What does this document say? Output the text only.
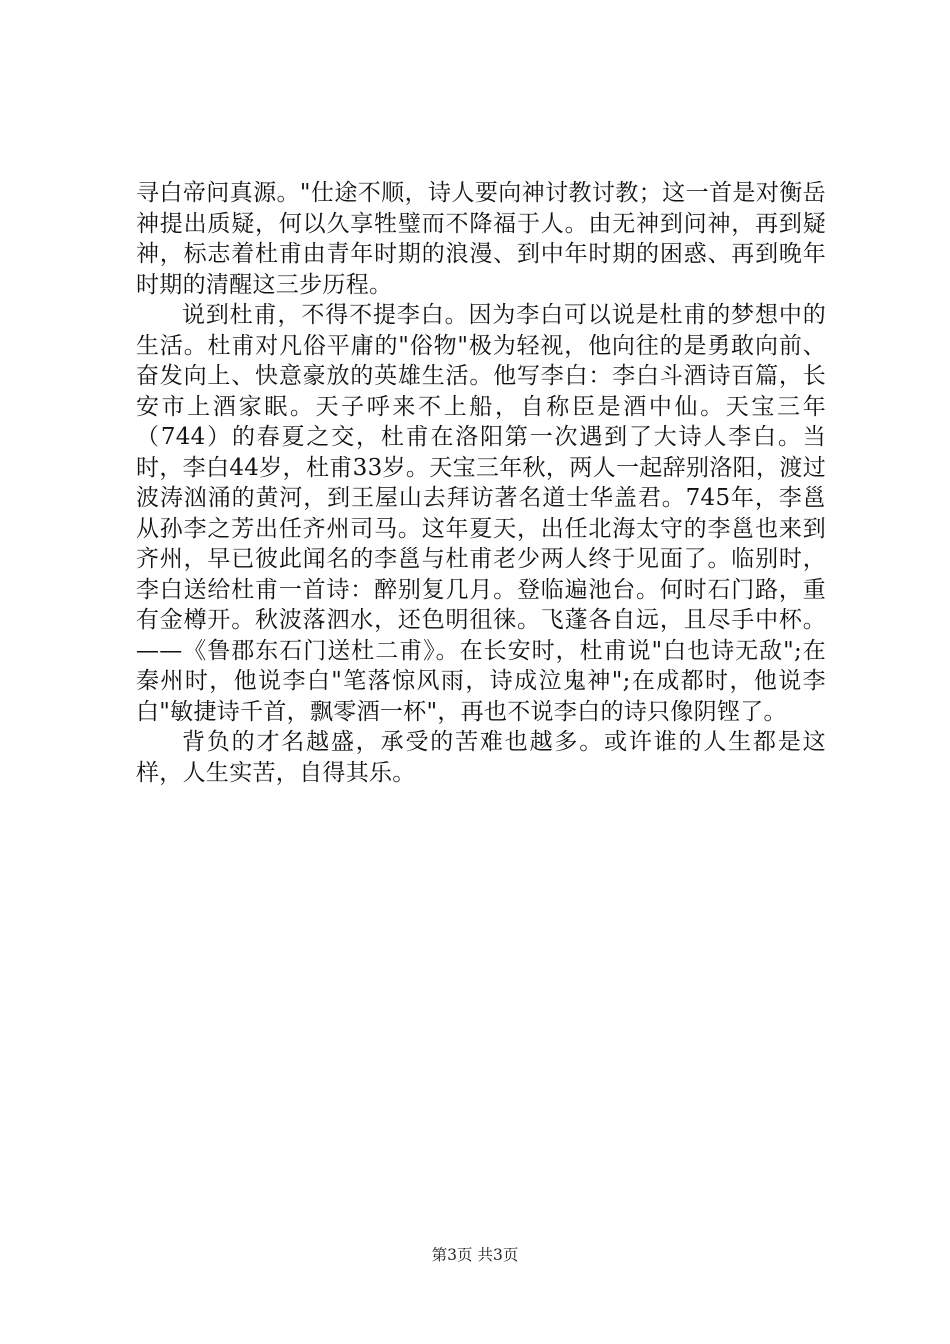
寻白帝问真源。"仕途不顺，诗人要向神讨教讨教；这一首是对衡岳神提出质疑，何以久享牲璧而不降福于人。由无神到问神，再到疑神，标志着杜甫由青年时期的浪漫、到中年时期的困惑、再到晚年时期的清醒这三步历程。

说到杜甫，不得不提李白。因为李白可以说是杜甫的梦想中的生活。杜甫对凡俗平庸的"俗物"极为轻视，他向往的是勇敢向前、奋发向上、快意豪放的英雄生活。他写李白：李白斗酒诗百篇，长安市上酒家眠。天子呼来不上船，自称臣是酒中仙。天宝三年（744）的春夏之交，杜甫在洛阳第一次遇到了大诗人李白。当时，李白44岁，杜甫33岁。天宝三年秋，两人一起辞别洛阳，渡过波涛汹涌的黄河，到王屋山去拜访著名道士华盖君。745年，李邕从孙李之芳出任齐州司马。这年夏天，出任北海太守的李邕也来到齐州，早已彼此闻名的李邕与杜甫老少两人终于见面了。临别时，李白送给杜甫一首诗：醉别复几月。登临遍池台。何时石门路，重有金樽开。秋波落泗水，还色明徂徕。飞蓬各自远，且尽手中杯。——《鲁郡东石门送杜二甫》。在长安时，杜甫说"白也诗无敌";在秦州时，他说李白"笔落惊风雨，诗成泣鬼神";在成都时，他说李白"敏捷诗千首，飘零酒一杯"，再也不说李白的诗只像阴铿了。

背负的才名越盛，承受的苦难也越多。或许谁的人生都是这样，人生实苦，自得其乐。

第3页 共3页
